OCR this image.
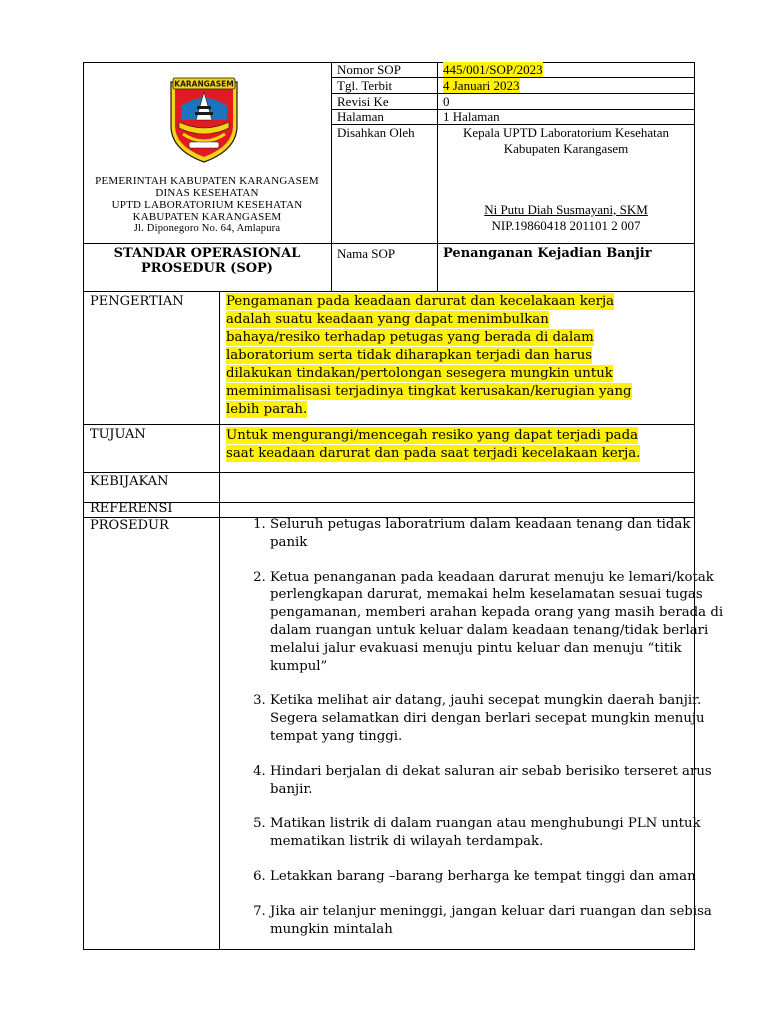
KARANGASEM
PEMERINTAH KABUPATEN KARANGASEM
DINAS KESEHATAN
UPTD LABORATORIUM KESEHATAN
KABUPATEN KARANGASEM
Jl. Diponegoro No. 64, Amlapura
Nomor SOP	445/001/SOP/2023
Tgl. Terbit	4 Januari 2023
Revisi Ke	0
Halaman	1 Halaman
Disahkan Oleh	Kepala UPTD Laboratorium Kesehatan
Kabupaten Karangasem
Ni Putu Diah Susmayani, SKM
NIP.19860418 201101 2 007
STANDAR OPERASIONAL
PROSEDUR (SOP)
Nama SOP	Penanganan Kejadian Banjir
PENGERTIAN	Pengamanan pada keadaan darurat dan kecelakaan kerja
adalah suatu keadaan yang dapat menimbulkan
bahaya/resiko terhadap petugas yang berada di dalam
laboratorium serta tidak diharapkan terjadi dan harus
dilakukan tindakan/pertolongan sesegera mungkin untuk
meminimalisasi terjadinya tingkat kerusakan/kerugian yang
lebih parah.
TUJUAN	Untuk mengurangi/mencegah resiko yang dapat terjadi pada
saat keadaan darurat dan pada saat terjadi kecelakaan kerja.
KEBIJAKAN
REFERENSI
PROSEDUR
1.	Seluruh petugas laboratrium dalam keadaan tenang dan tidak panik
2. Ketua penanganan pada keadaan darurat menuju ke lemari/kotak perlengkapan darurat, memakai helm keselamatan sesuai tugas pengamanan, memberi arahan kepada orang yang masih berada di dalam ruangan untuk keluar dalam keadaan tenang/tidak berlari melalui jalur evakuasi menuju pintu keluar dan menuju “titik kumpul”
3. Ketika melihat air datang, jauhi secepat mungkin daerah banjir. Segera selamatkan diri dengan berlari secepat mungkin menuju tempat yang tinggi.
4. Hindari berjalan di dekat saluran air sebab berisiko terseret arus banjir.
5. Matikan listrik di dalam ruangan atau menghubungi PLN untuk mematikan listrik di wilayah terdampak.
6. Letakkan barang –barang berharga ke tempat tinggi dan aman
7. Jika air telanjur meninggi, jangan keluar dari ruangan dan sebisa mungkin mintalah
